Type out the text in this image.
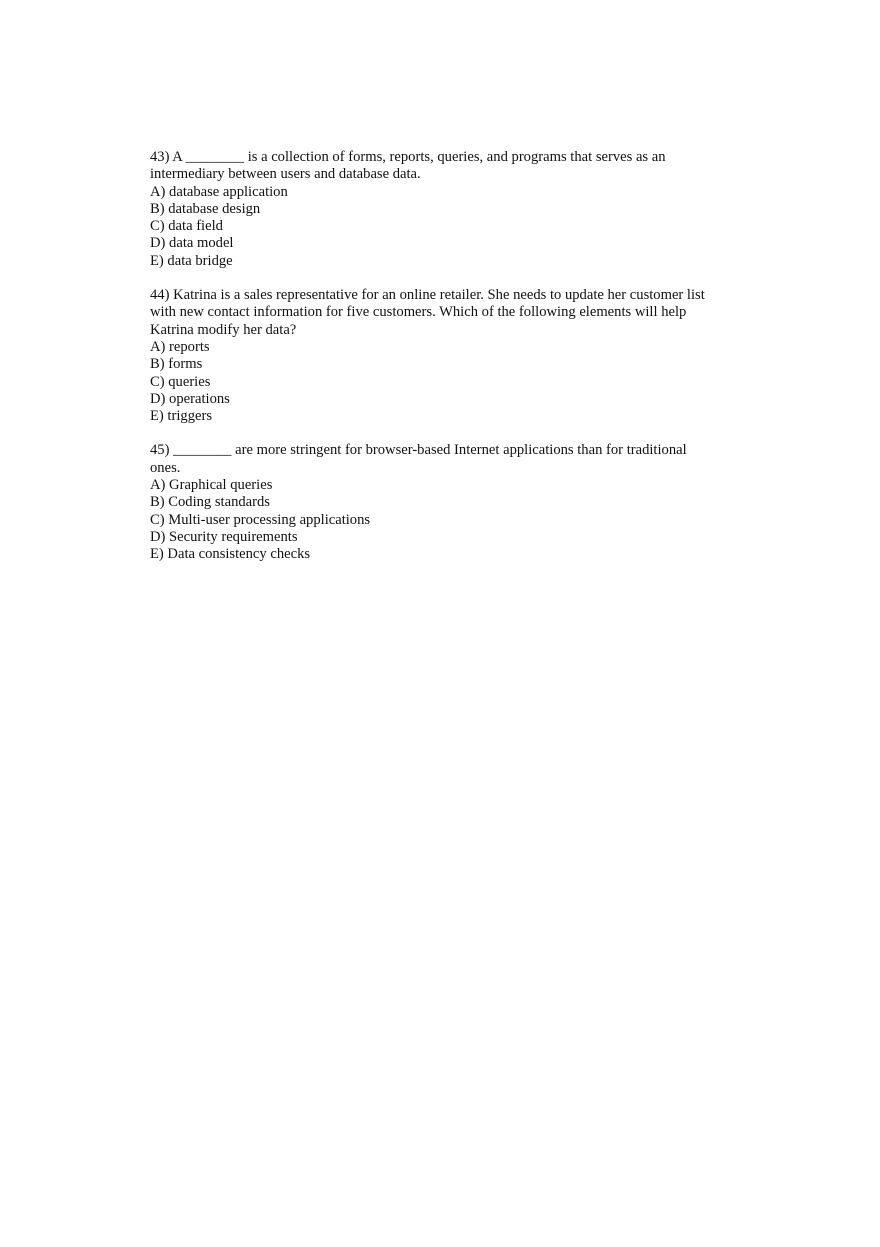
43) A ________ is a collection of forms, reports, queries, and programs that serves as an
intermediary between users and database data.
A) database application
B) database design
C) data field
D) data model
E) data bridge
44) Katrina is a sales representative for an online retailer. She needs to update her customer list
with new contact information for five customers. Which of the following elements will help
Katrina modify her data?
A) reports
B) forms
C) queries
D) operations
E) triggers
45) ________ are more stringent for browser-based Internet applications than for traditional
ones.
A) Graphical queries
B) Coding standards
C) Multi-user processing applications
D) Security requirements
E) Data consistency checks
